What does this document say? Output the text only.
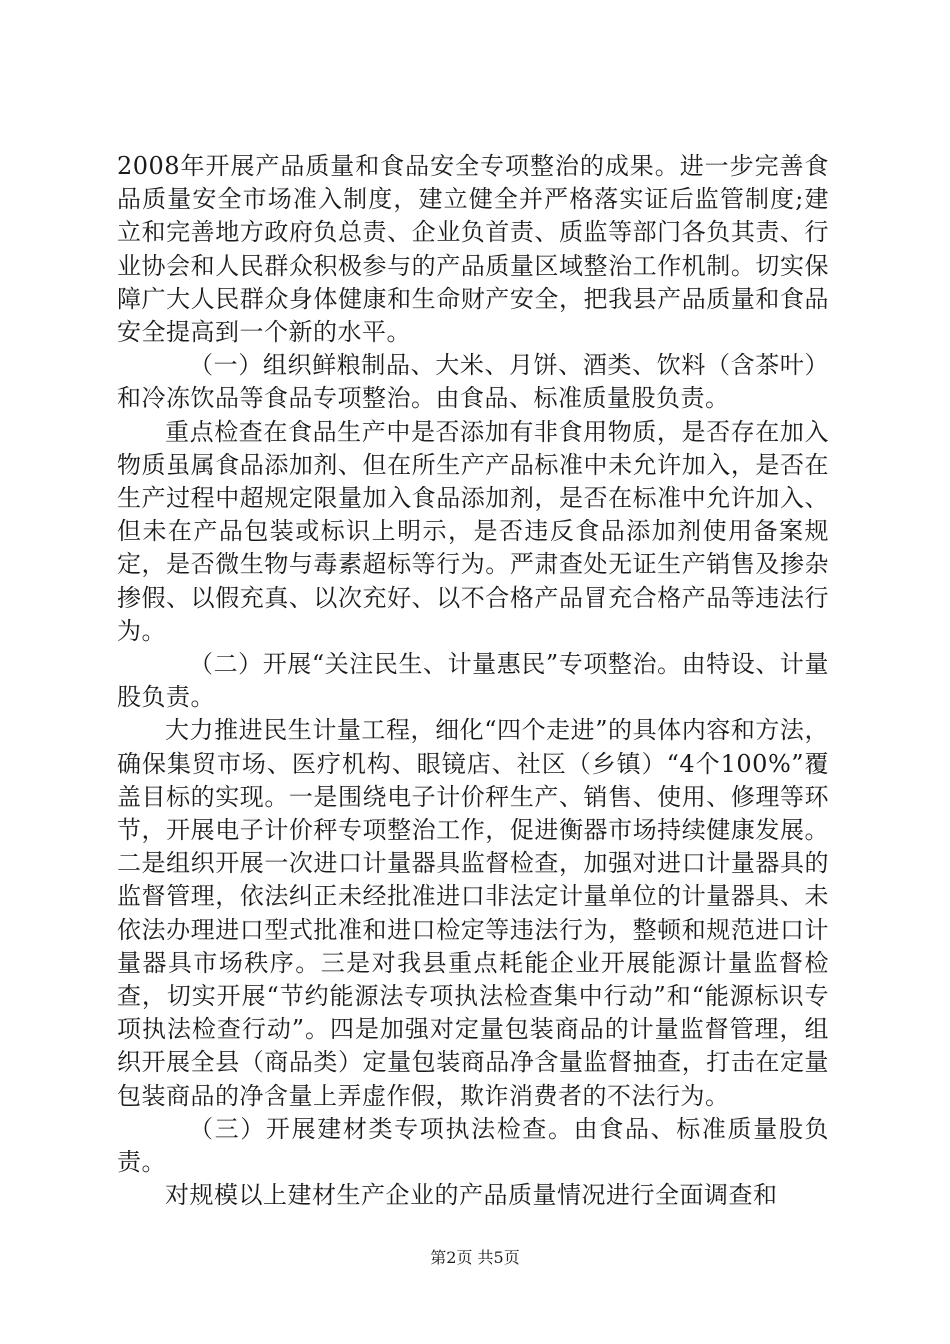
2008年开展产品质量和食品安全专项整治的成果。进一步完善食品质量安全市场准入制度，建立健全并严格落实证后监管制度;建立和完善地方政府负总责、企业负首责、质监等部门各负其责、行业协会和人民群众积极参与的产品质量区域整治工作机制。切实保障广大人民群众身体健康和生命财产安全，把我县产品质量和食品安全提高到一个新的水平。

（一）组织鲜粮制品、大米、月饼、酒类、饮料（含茶叶）和冷冻饮品等食品专项整治。由食品、标准质量股负责。

重点检查在食品生产中是否添加有非食用物质，是否存在加入物质虽属食品添加剂、但在所生产产品标准中未允许加入，是否在生产过程中超规定限量加入食品添加剂，是否在标准中允许加入、但未在产品包装或标识上明示，是否违反食品添加剂使用备案规定，是否微生物与毒素超标等行为。严肃查处无证生产销售及掺杂掺假、以假充真、以次充好、以不合格产品冒充合格产品等违法行为。

（二）开展“关注民生、计量惠民”专项整治。由特设、计量股负责。

大力推进民生计量工程，细化“四个走进”的具体内容和方法，确保集贸市场、医疗机构、眼镜店、社区（乡镇）“4个100%”覆盖目标的实现。一是围绕电子计价秤生产、销售、使用、修理等环节，开展电子计价秤专项整治工作，促进衡器市场持续健康发展。二是组织开展一次进口计量器具监督检查，加强对进口计量器具的监督管理，依法纠正未经批准进口非法定计量单位的计量器具、未依法办理进口型式批准和进口检定等违法行为，整顿和规范进口计量器具市场秩序。三是对我县重点耗能企业开展能源计量监督检查，切实开展“节约能源法专项执法检查集中行动”和“能源标识专项执法检查行动”。四是加强对定量包装商品的计量监督管理，组织开展全县（商品类）定量包装商品净含量监督抽查，打击在定量包装商品的净含量上弄虚作假，欺诈消费者的不法行为。

（三）开展建材类专项执法检查。由食品、标准质量股负责。

对规模以上建材生产企业的产品质量情况进行全面调查和

第2页 共5页
